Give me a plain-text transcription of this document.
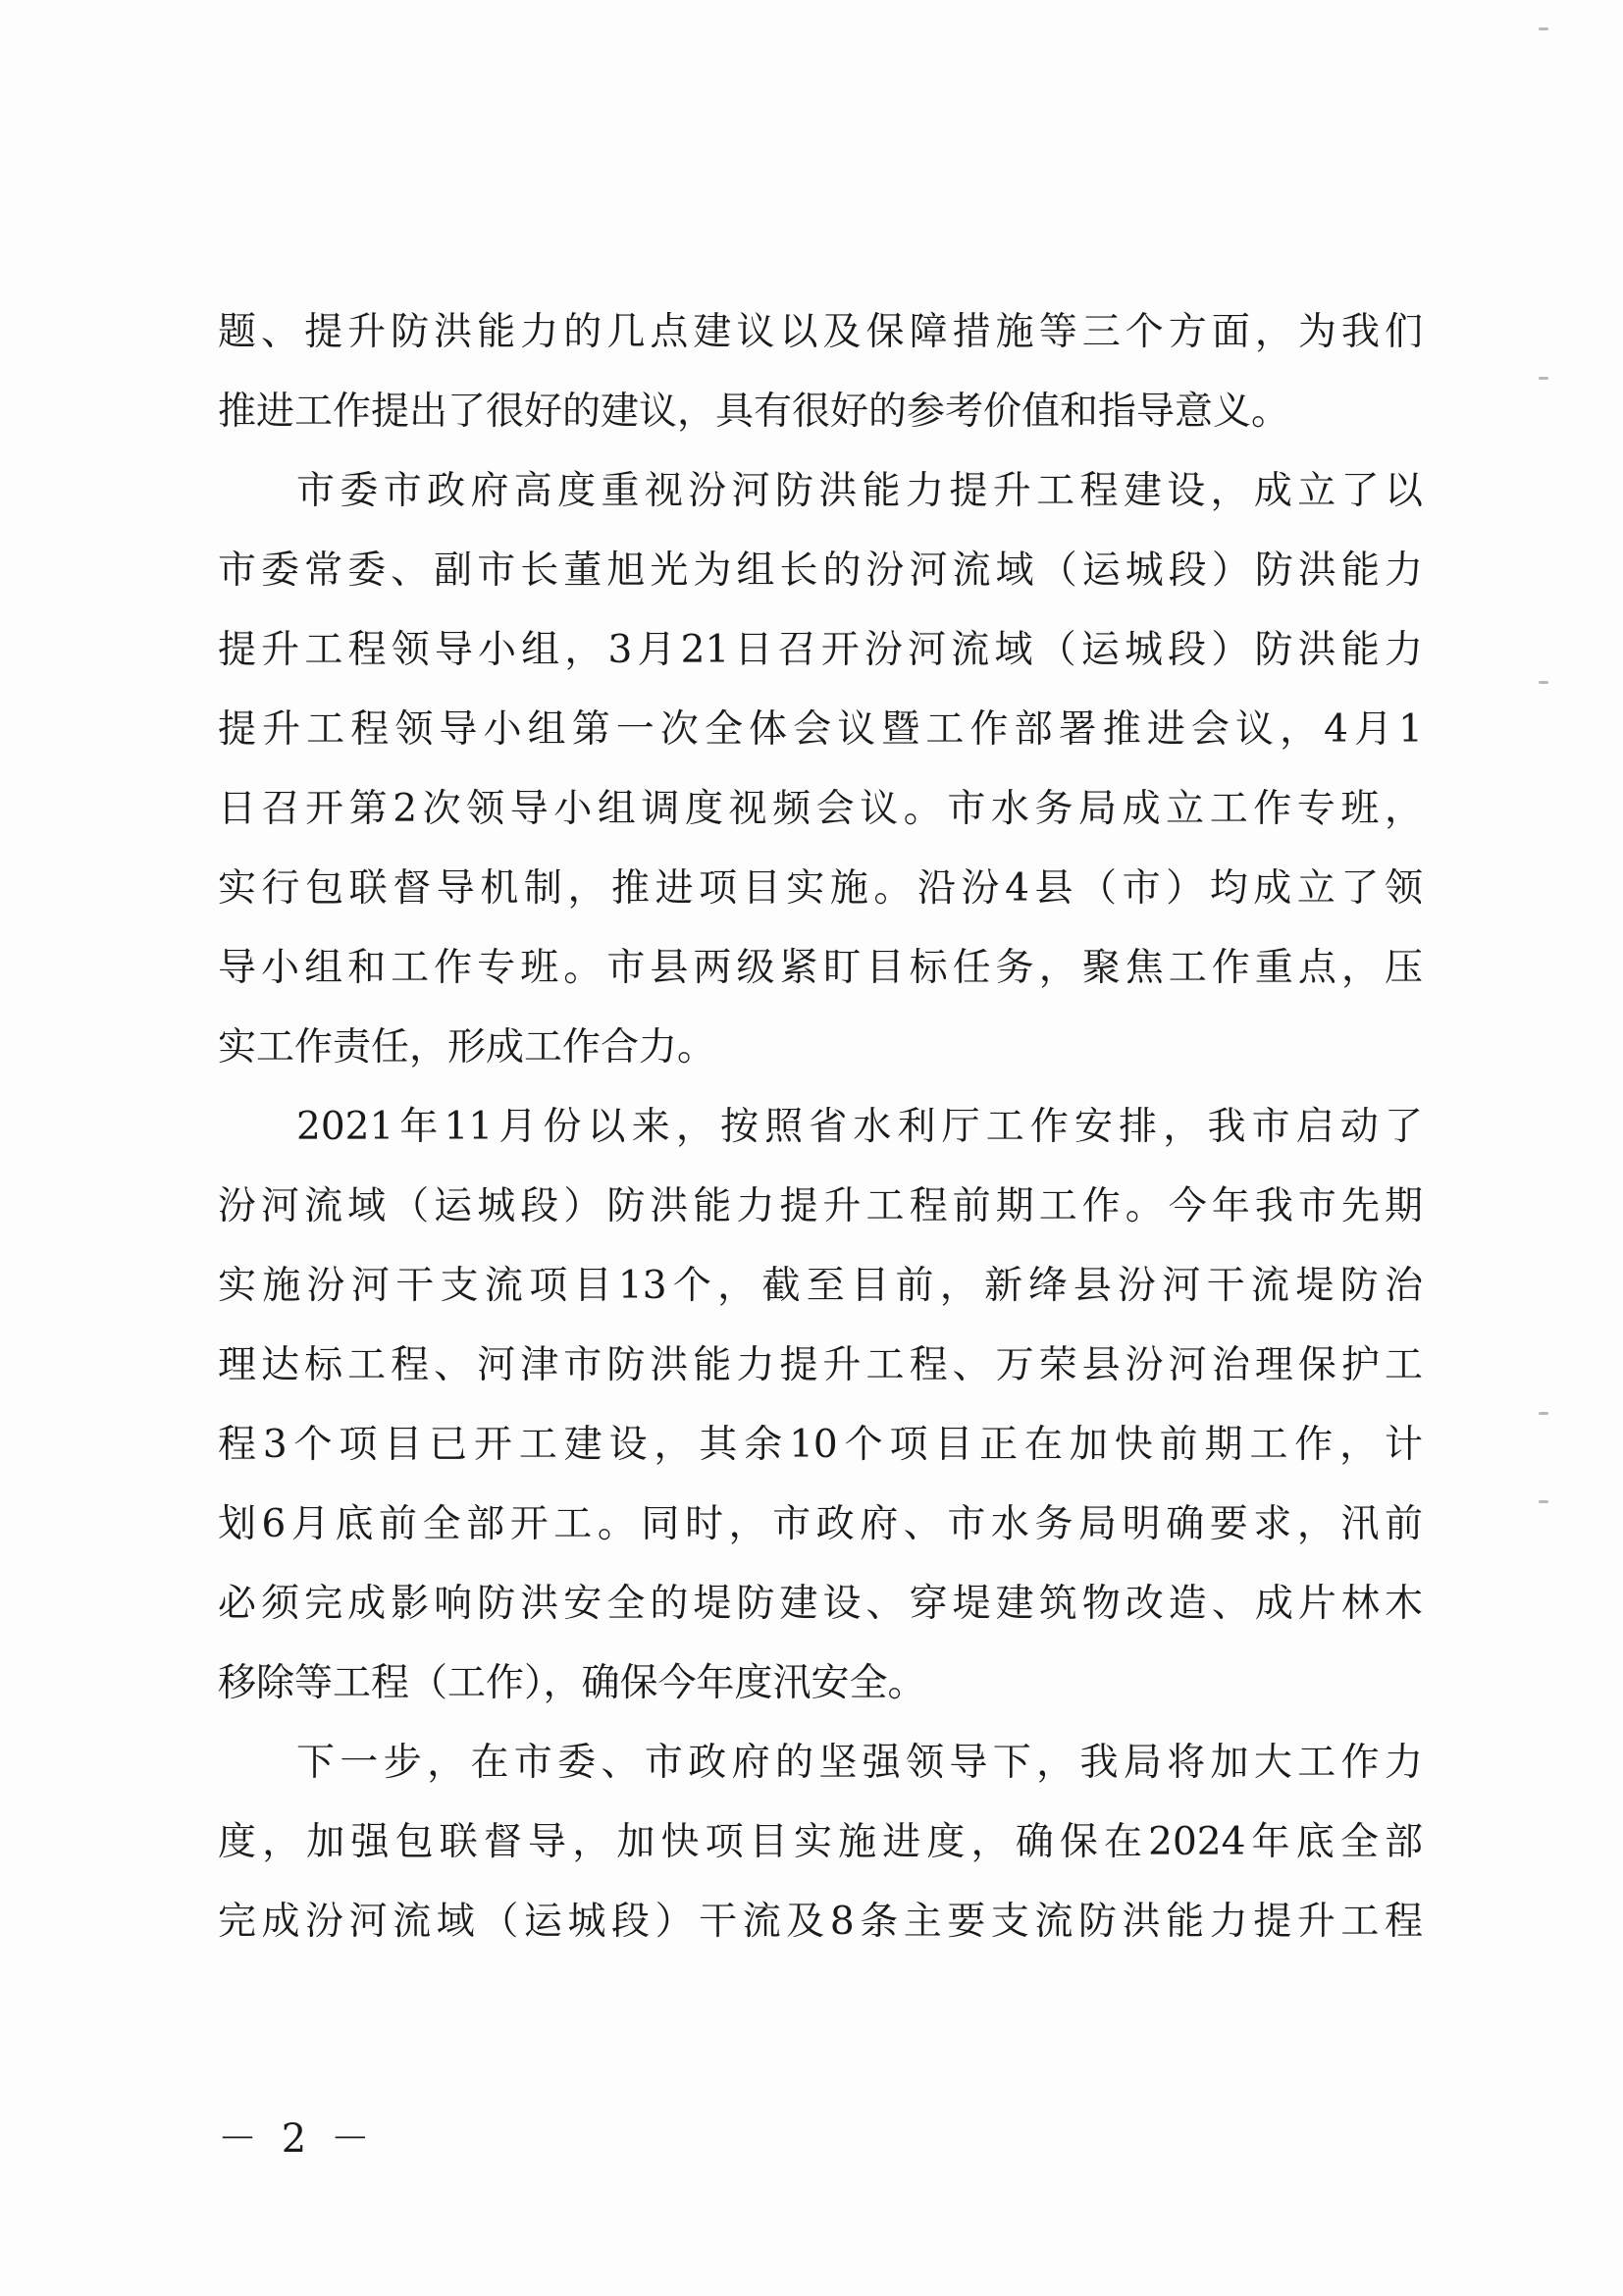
题、提升防洪能力的几点建议以及保障措施等三个方面，为我们
推进工作提出了很好的建议，具有很好的参考价值和指导意义。
市委市政府高度重视汾河防洪能力提升工程建设，成立了以
市委常委、副市长董旭光为组长的汾河流域（运城段）防洪能力
提升工程领导小组，3月21日召开汾河流域（运城段）防洪能力
提升工程领导小组第一次全体会议暨工作部署推进会议，4月1
日召开第2次领导小组调度视频会议。市水务局成立工作专班，
实行包联督导机制，推进项目实施。沿汾4县（市）均成立了领
导小组和工作专班。市县两级紧盯目标任务，聚焦工作重点，压
实工作责任，形成工作合力。
2021年11月份以来，按照省水利厅工作安排，我市启动了
汾河流域（运城段）防洪能力提升工程前期工作。今年我市先期
实施汾河干支流项目13个，截至目前，新绛县汾河干流堤防治
理达标工程、河津市防洪能力提升工程、万荣县汾河治理保护工
程3个项目已开工建设，其余10个项目正在加快前期工作，计
划6月底前全部开工。同时，市政府、市水务局明确要求，汛前
必须完成影响防洪安全的堤防建设、穿堤建筑物改造、成片林木
移除等工程（工作），确保今年度汛安全。
下一步，在市委、市政府的坚强领导下，我局将加大工作力
度，加强包联督导，加快项目实施进度，确保在2024年底全部
完成汾河流域（运城段）干流及8条主要支流防洪能力提升工程
－ 2 －
